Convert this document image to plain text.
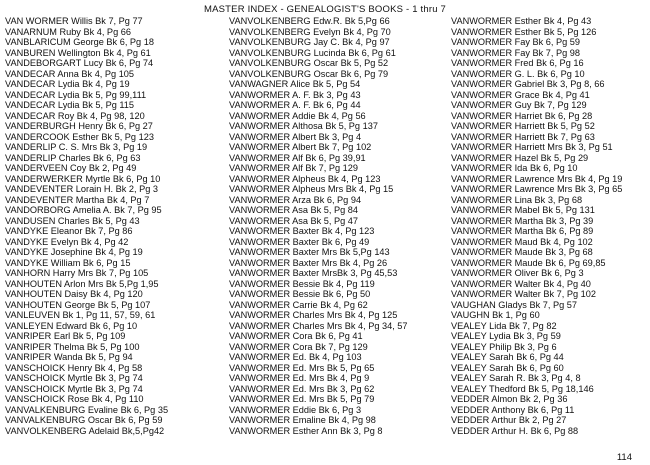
MASTER INDEX - GENEALOGIST'S BOOKS - 1 thru 7
VAN WORMER Willis Bk 7, Pg 77
VANARNUM Ruby Bk 4, Pg 66
VANBLARICUM George Bk 6, Pg 18
VANBUREN Wellington Bk 4, Pg 61
VANDEBORGART Lucy Bk 6, Pg 74
VANDECAR Anna Bk 4, Pg 105
VANDECAR Lydia Bk 4, Pg 19
VANDECAR Lydia Bk 5, Pg 99,111
VANDECAR Lydia Bk 5, Pg 115
VANDECAR Roy Bk 4, Pg 98, 120
VANDERBURGH Henry Bk 6, Pg 27
VANDERCOOK Esther Bk 5, Pg 123
VANDERLIP C. S. Mrs Bk 3, Pg 19
VANDERLIP Charles Bk 6, Pg 63
VANDERVEEN Coy Bk 2, Pg 49
VANDERWERKER Myrtle Bk 6, Pg 10
VANDEVENTER Lorain H. Bk 2, Pg 3
VANDEVENTER Martha Bk 4, Pg 7
VANDORBORG Amelia A. Bk 7, Pg 95
VANDUSEN Charles Bk 5, Pg 43
VANDYKE Eleanor Bk 7, Pg 86
VANDYKE Evelyn Bk 4, Pg 42
VANDYKE Josephine Bk 4, Pg 19
VANDYKE William Bk 6, Pg 15
VANHORN Harry Mrs Bk 7, Pg 105
VANHOUTEN Arlon Mrs Bk 5,Pg 1,95
VANHOUTEN Daisy Bk 4, Pg 120
VANHOUTEN George Bk 5, Pg 107
VANLEUVEN Bk 1, Pg 11, 57, 59, 61
VANLEYEN Edward Bk 6, Pg 10
VANRIPER Earl Bk 5, Pg 109
VANRIPER Thelma Bk 5, Pg 100
VANRIPER Wanda Bk 5, Pg 94
VANSCHOICK Henry Bk 4, Pg 58
VANSCHOICK Myrtle Bk 3, Pg 74
VANSCHOICK Myrtle Bk 3, Pg 74
VANSCHOICK Rose Bk 4, Pg 110
VANVALKENBURG Evaline Bk 6, Pg 35
VANVALKENBURG Oscar Bk 6, Pg 59
VANVOLKENBERG Adelaid Bk,5,Pg42
VANVOLKENBERG Edw.R. Bk 5,Pg 66
VANVOLKENBERG Evelyn Bk 4, Pg 70
VANVOLKENBURG Jay C. Bk 4, Pg 97
VANVOLKENBURG Lucinda Bk 6, Pg 61
VANVOLKENBURG Oscar Bk 5, Pg 52
VANVOLKENBURG Oscar Bk 6, Pg 79
VANWAGNER Alice Bk 5, Pg 54
VANWORMER A. F. Bk 3, Pg 43
VANWORMER A. F. Bk 6, Pg 44
VANWORMER Addie Bk 4, Pg 56
VANWORMER Althosa Bk 5, Pg 137
VANWORMER Albert Bk 3, Pg 4
VANWORMER Albert Bk 7, Pg 102
VANWORMER Alf Bk 6, Pg 39,91
VANWORMER Alf Bk 7, Pg 129
VANWORMER Alpheus Bk 4, Pg 123
VANWORMER Alpheus Mrs Bk 4, Pg 15
VANWORMER Arza Bk 6, Pg 94
VANWORMER Asa Bk 5, Pg 84
VANWORMER Asa Bk 5, Pg 47
VANWORMER Baxter Bk 4, Pg 123
VANWORMER Baxter Bk 6, Pg 49
VANWORMER Baxter Mrs Bk 5,Pg 143
VANWORMER Baxter Mrs Bk 4, Pg 26
VANWORMER Baxter MrsBk 3, Pg 45,53
VANWORMER Bessie Bk 4, Pg 119
VANWORMER Bessie Bk 6, Pg 50
VANWORMER Carrie Bk 4, Pg 62
VANWORMER Charles Mrs Bk 4, Pg 125
VANWORMER Charles Mrs Bk 4, Pg 34, 57
VANWORMER Cora Bk 6, Pg 41
VANWORMER Cora Bk 7, Pg 129
VANWORMER Ed. Bk 4, Pg 103
VANWORMER Ed. Mrs Bk 5, Pg 65
VANWORMER Ed. Mrs Bk 4, Pg 9
VANWORMER Ed. Mrs Bk 3, Pg 62
VANWORMER Ed. Mrs Bk 5, Pg 79
VANWORMER Eddie Bk 6, Pg 3
VANWORMER Emaline Bk 4, Pg 98
VANWORMER Esther Ann Bk 3, Pg 8
VANWORMER Esther Bk 4, Pg 43
VANWORMER Esther Bk 5, Pg 126
VANWORMER Fay Bk 6, Pg 59
VANWORMER Fay Bk 7, Pg 98
VANWORMER Fred Bk 6, Pg 16
VANWORMER G. L. Bk 6, Pg 10
VANWORMER Gabriel Bk 3, Pg 8, 66
VANWORMER Grace Bk 4, Pg 41
VANWORMER Guy Bk 7, Pg 129
VANWORMER Harriet Bk 6, Pg 28
VANWORMER Harriett Bk 5, Pg 52
VANWORMER Harriett Bk 7, Pg 63
VANWORMER Harriett Mrs Bk 3, Pg 51
VANWORMER Hazel Bk 5, Pg 29
VANWORMER Ida Bk 6, Pg 10
VANWORMER Lawrence Mrs Bk 4, Pg 19
VANWORMER Lawrence Mrs Bk 3, Pg 65
VANWORMER Lina Bk 3, Pg 68
VANWORMER Mabel Bk 5, Pg 131
VANWORMER Martha Bk 3, Pg 39
VANWORMER Martha Bk 6, Pg 89
VANWORMER Maud Bk 4, Pg 102
VANWORMER Maude Bk 3, Pg 68
VANWORMER Maude Bk 6, Pg 69,85
VANWORMER Oliver Bk 6, Pg 3
VANWORMER Walter Bk 4, Pg 40
VANWORMER Walter Bk 7, Pg 102
VAUGHAN Gladys Bk 7, Pg 57
VAUGHN Bk 1, Pg 60
VEALEY Lida Bk 7, Pg 82
VEALEY Lydia Bk 3, Pg 59
VEALEY Philip Bk 3, Pg 6
VEALEY Sarah Bk 6, Pg 44
VEALEY Sarah Bk 6, Pg 60
VEALEY Sarah R. Bk 3, Pg 4, 8
VEALEY Thedford Bk 5, Pg 18,146
VEDDER Almon Bk 2, Pg 36
VEDDER Anthony Bk 6, Pg 11
VEDDER Arthur Bk 2, Pg 27
VEDDER Arthur H. Bk 6, Pg 88
114
